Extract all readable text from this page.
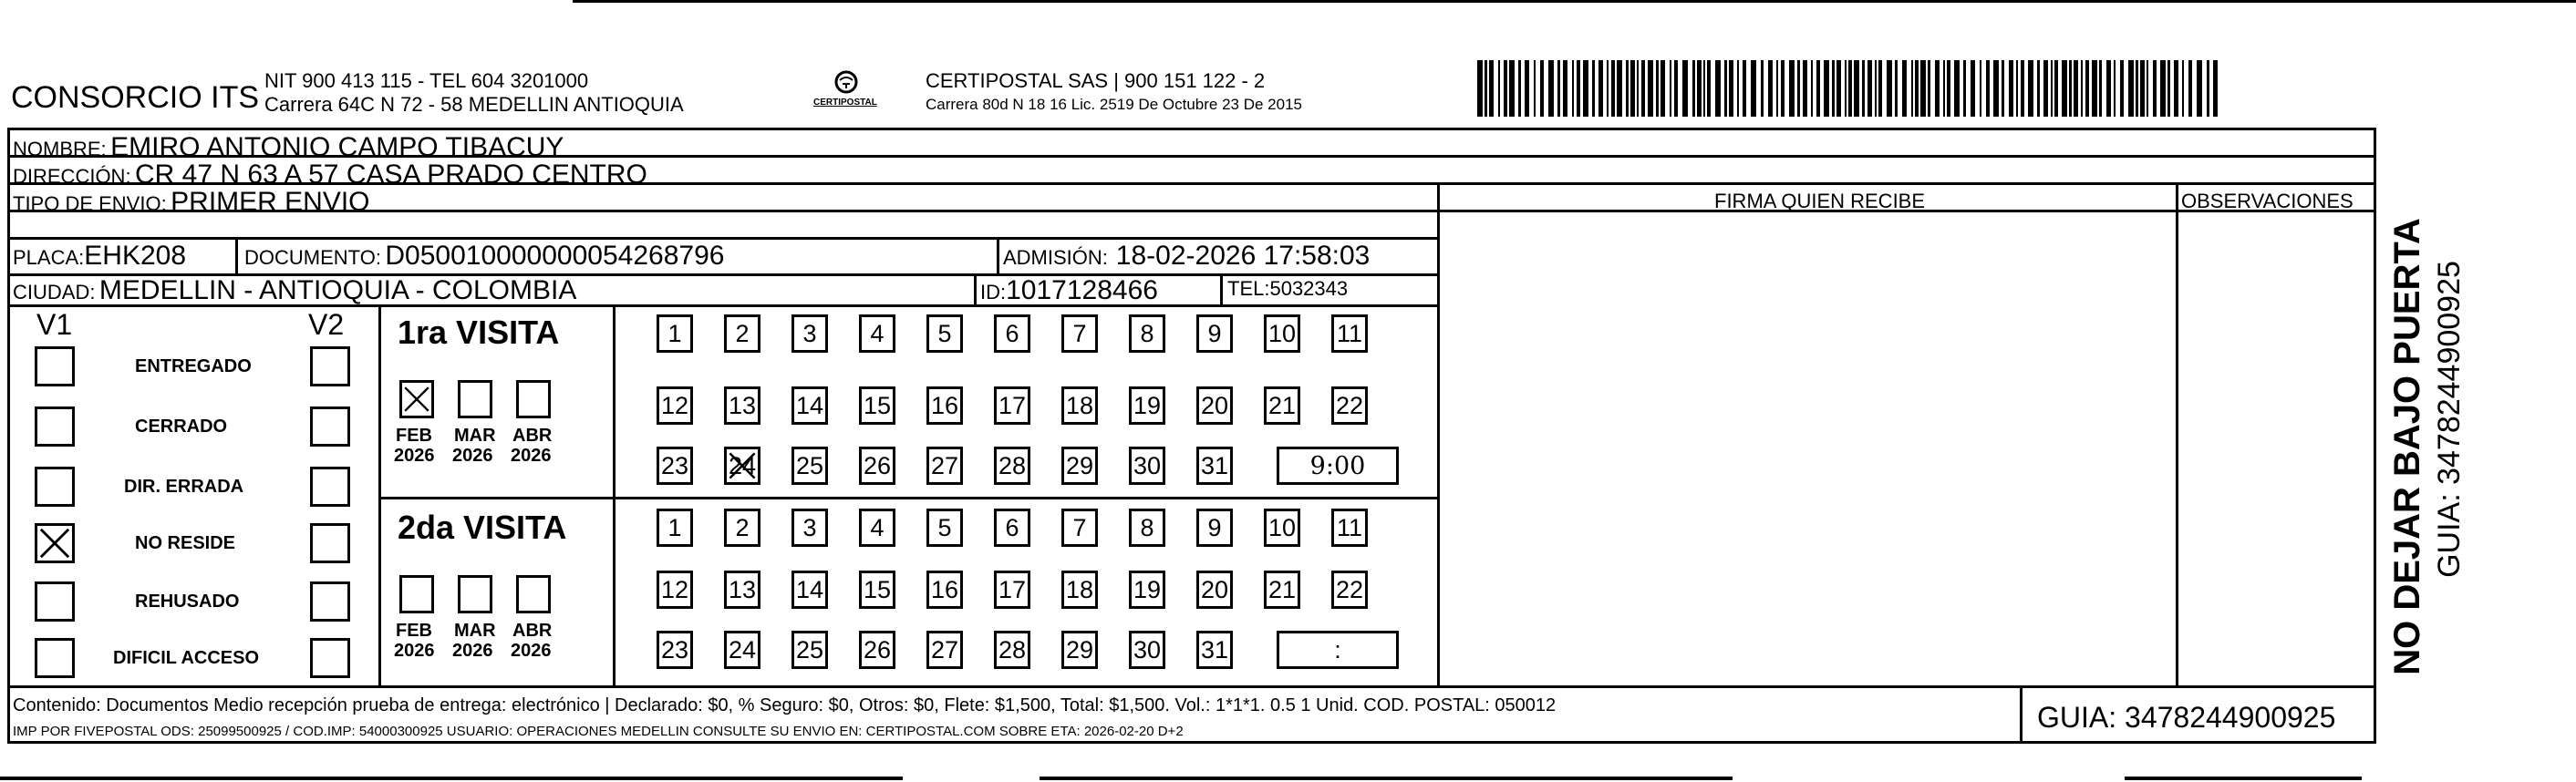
CONSORCIO ITS NIT 900 413 115 - TEL 604 3201000
Carrera 64C N 72 - 58 MEDELLIN ANTIOQUIA	CERTIPOSTAL
CERTIPOSTAL SAS | 900 151 122 - 2
Carrera 80d N 18 16 Lic. 2519 De Octubre 23 De 2015
NOMBRE: EMIRO ANTONIO CAMPO TIBACUY
DIRECCIÓN: CR 47 N 63 A 57 CASA PRADO CENTRO
TIPO DE ENVIO: PRIMER ENVIO	FIRMA QUIEN RECIBE	OBSERVACIONES
PLACA:EHK208	DOCUMENTO: D050010000000054268796	ADMISIÓN: 18-02-2026 17:58:03
CIUDAD: MEDELLIN - ANTIOQUIA - COLOMBIA	ID:1017128466	TEL:5032343
V1	V2
ENTREGADO
CERRADO
DIR. ERRADA
NO RESIDE
REHUSADO
DIFICIL ACCESO
1ra VISITA
FEB
2026
MAR
2026
ABR
2026
1	2	3	4	5	6	7	8	9	10 11
12 13 14 15 16 17 18 19 20 21 22
23 24 25 26 27 28 29 30 31	9:00
2da VISITA
FEB
2026
MAR
2026
ABR
2026
1	2	3	4	5	6	7	8	9	10 11
12 13 14 15 16 17 18 19 20 21 22
23 24 25 26 27 28 29 30 31	:
Contenido: Documentos Medio recepción prueba de entrega: electrónico | Declarado: $0, % Seguro: $0, Otros: $0, Flete: $1,500, Total: $1,500. Vol.: 1*1*1. 0.5 1 Unid. COD. POSTAL: 050012
IMP POR FIVEPOSTAL ODS: 25099500925 / COD.IMP: 54000300925 USUARIO: OPERACIONES MEDELLIN CONSULTE SU ENVIO EN: CERTIPOSTAL.COM SOBRE ETA: 2026-02-20 D+2	GUIA: 3478244900925
NO DEJAR BAJO PUERTA GUIA: 3478244900925
